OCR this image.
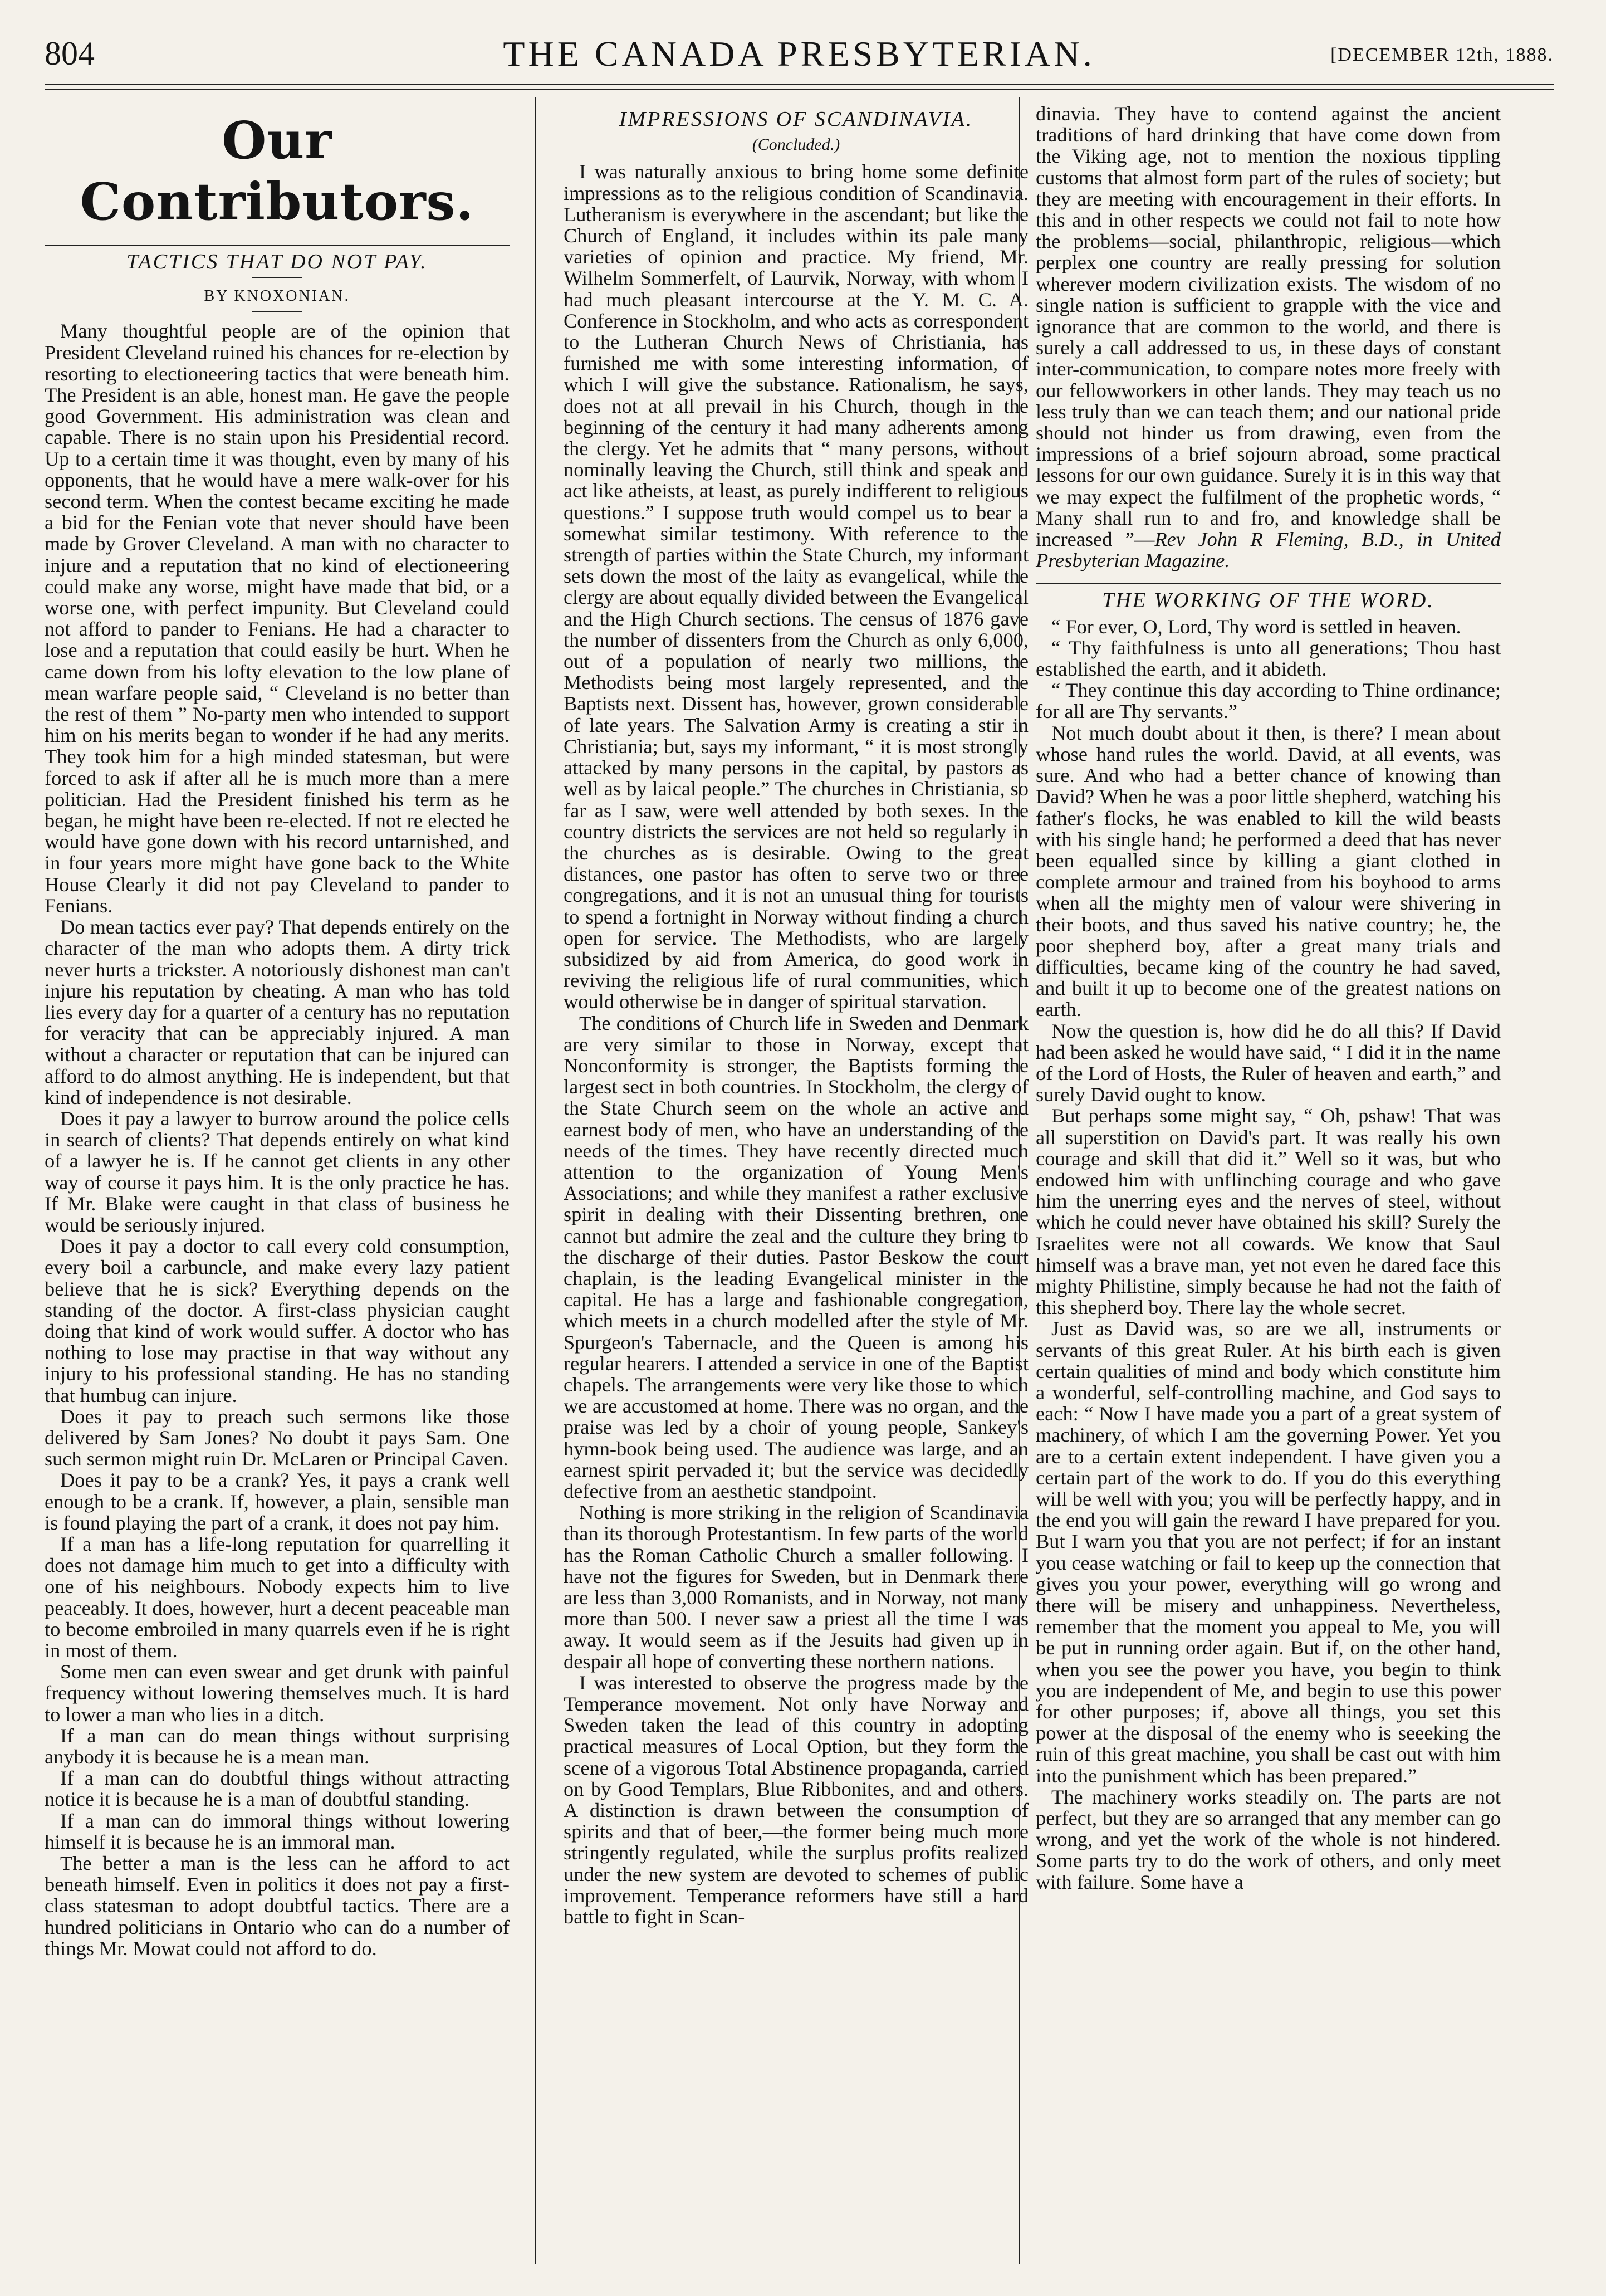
804	THE CANADA PRESBYTERIAN.	[DECEMBER 12th, 1888.
Our Contributors.
TACTICS THAT DO NOT PAY.
BY KNOXONIAN.

Many thoughtful people are of the opinion that President Cleveland ruined his chances for re-election by resorting to electioneering tactics that were beneath him. The President is an able, honest man. He gave the people good Government. His administration was clean and capable. There is no stain upon his Presidential record. Up to a certain time it was thought, even by many of his opponents, that he would have a mere walk-over for his second term. When the contest became exciting he made a bid for the Fenian vote that never should have been made by Grover Cleveland. A man with no character to injure and a reputation that no kind of electioneering could make any worse, might have made that bid, or a worse one, with perfect impunity. But Cleveland could not afford to pander to Fenians. He had a character to lose and a reputation that could easily be hurt. When he came down from his lofty elevation to the low plane of mean warfare people said, “ Cleveland is no better than the rest of them ” No-party men who intended to support him on his merits began to wonder if he had any merits. They took him for a high minded statesman, but were forced to ask if after all he is much more than a mere politician. Had the President finished his term as he began, he might have been re-elected. If not re elected he would have gone down with his record untarnished, and in four years more might have gone back to the White House Clearly it did not pay Cleveland to pander to Fenians.

Do mean tactics ever pay? That depends entirely on the character of the man who adopts them. A dirty trick never hurts a trickster. A notoriously dishonest man can't injure his reputation by cheating. A man who has told lies every day for a quarter of a century has no reputation for veracity that can be appreciably injured. A man without a character or reputation that can be injured can afford to do almost anything. He is independent, but that kind of independence is not desirable.

Does it pay a lawyer to burrow around the police cells in search of clients? That depends entirely on what kind of a lawyer he is. If he cannot get clients in any other way of course it pays him. It is the only practice he has. If Mr. Blake were caught in that class of business he would be seriously injured.

Does it pay a doctor to call every cold consumption, every boil a carbuncle, and make every lazy patient believe that he is sick? Everything depends on the standing of the doctor. A first-class physician caught doing that kind of work would suffer. A doctor who has nothing to lose may practise in that way without any injury to his professional standing. He has no standing that humbug can injure.

Does it pay to preach such sermons like those delivered by Sam Jones? No doubt it pays Sam. One such sermon might ruin Dr. McLaren or Principal Caven.

Does it pay to be a crank? Yes, it pays a crank well enough to be a crank. If, however, a plain, sensible man is found playing the part of a crank, it does not pay him.

If a man has a life-long reputation for quarrelling it does not damage him much to get into a difficulty with one of his neighbours. Nobody expects him to live peaceably. It does, however, hurt a decent peaceable man to become embroiled in many quarrels even if he is right in most of them.

Some men can even swear and get drunk with painful frequency without lowering themselves much. It is hard to lower a man who lies in a ditch.

If a man can do mean things without surprising anybody it is because he is a mean man.

If a man can do doubtful things without attracting notice it is because he is a man of doubtful standing.

If a man can do immoral things without lowering himself it is because he is an immoral man.

The better a man is the less can he afford to act beneath himself. Even in politics it does not pay a first-class statesman to adopt doubtful tactics. There are a hundred politicians in Ontario who can do a number of things Mr. Mowat could not afford to do.

IMPRESSIONS OF SCANDINAVIA.
(Concluded.)

I was naturally anxious to bring home some definite impressions as to the religious condition of Scandinavia. Lutheranism is everywhere in the ascendant; but like the Church of England, it includes within its pale many varieties of opinion and practice. My friend, Mr. Wilhelm Sommerfelt, of Laurvik, Norway, with whom I had much pleasant intercourse at the Y. M. C. A. Conference in Stockholm, and who acts as correspondent to the Lutheran Church News of Christiania, has furnished me with some interesting information, of which I will give the substance. Rationalism, he says, does not at all prevail in his Church, though in the beginning of the century it had many adherents among the clergy. Yet he admits that “ many persons, without nominally leaving the Church, still think and speak and act like atheists, at least, as purely indifferent to religious questions.” I suppose truth would compel us to bear a somewhat similar testimony. With reference to the strength of parties within the State Church, my informant sets down the most of the laity as evangelical, while the clergy are about equally divided between the Evangelical and the High Church sections. The census of 1876 gave the number of dissenters from the Church as only 6,000, out of a population of nearly two millions, the Methodists being most largely represented, and the Baptists next. Dissent has, however, grown considerable of late years. The Salvation Army is creating a stir in Christiania; but, says my informant, “ it is most strongly attacked by many persons in the capital, by pastors as well as by laical people.” The churches in Christiania, so far as I saw, were well attended by both sexes. In the country districts the services are not held so regularly in the churches as is desirable. Owing to the great distances, one pastor has often to serve two or three congregations, and it is not an unusual thing for tourists to spend a fortnight in Norway without finding a church open for service. The Methodists, who are largely subsidized by aid from America, do good work in reviving the religious life of rural communities, which would otherwise be in danger of spiritual starvation.

The conditions of Church life in Sweden and Denmark are very similar to those in Norway, except that Nonconformity is stronger, the Baptists forming the largest sect in both countries. In Stockholm, the clergy of the State Church seem on the whole an active and earnest body of men, who have an understanding of the needs of the times. They have recently directed much attention to the organization of Young Men's Associations; and while they manifest a rather exclusive spirit in dealing with their Dissenting brethren, one cannot but admire the zeal and the culture they bring to the discharge of their duties. Pastor Beskow the court chaplain, is the leading Evangelical minister in the capital. He has a large and fashionable congregation, which meets in a church modelled after the style of Mr. Spurgeon's Tabernacle, and the Queen is among his regular hearers. I attended a service in one of the Baptist chapels. The arrangements were very like those to which we are accustomed at home. There was no organ, and the praise was led by a choir of young people, Sankey's hymn-book being used. The audience was large, and an earnest spirit pervaded it; but the service was decidedly defective from an aesthetic standpoint.

Nothing is more striking in the religion of Scandinavia than its thorough Protestantism. In few parts of the world has the Roman Catholic Church a smaller following. I have not the figures for Sweden, but in Denmark there are less than 3,000 Romanists, and in Norway, not many more than 500. I never saw a priest all the time I was away. It would seem as if the Jesuits had given up in despair all hope of converting these northern nations.

I was interested to observe the progress made by the Temperance movement. Not only have Norway and Sweden taken the lead of this country in adopting practical measures of Local Option, but they form the scene of a vigorous Total Abstinence propaganda, carried on by Good Templars, Blue Ribbonites, and and others. A distinction is drawn between the consumption of spirits and that of beer,—the former being much more stringently regulated, while the surplus profits realized under the new system are devoted to schemes of public improvement. Temperance reformers have still a hard battle to fight in Scan-

dinavia. They have to contend against the ancient traditions of hard drinking that have come down from the Viking age, not to mention the noxious tippling customs that almost form part of the rules of society; but they are meeting with encouragement in their efforts. In this and in other respects we could not fail to note how the problems—social, philanthropic, religious—which perplex one country are really pressing for solution wherever modern civilization exists. The wisdom of no single nation is sufficient to grapple with the vice and ignorance that are common to the world, and there is surely a call addressed to us, in these days of constant inter-communication, to compare notes more freely with our fellowworkers in other lands. They may teach us no less truly than we can teach them; and our national pride should not hinder us from drawing, even from the impressions of a brief sojourn abroad, some practical lessons for our own guidance. Surely it is in this way that we may expect the fulfilment of the prophetic words, “ Many shall run to and fro, and knowledge shall be increased ”—Rev John R Fleming, B.D., in United Presbyterian Magazine.

THE WORKING OF THE WORD.

“ For ever, O, Lord, Thy word is settled in heaven.

“ Thy faithfulness is unto all generations; Thou hast established the earth, and it abideth.

“ They continue this day according to Thine ordinance; for all are Thy servants.”

Not much doubt about it then, is there? I mean about whose hand rules the world. David, at all events, was sure. And who had a better chance of knowing than David? When he was a poor little shepherd, watching his father's flocks, he was enabled to kill the wild beasts with his single hand; he performed a deed that has never been equalled since by killing a giant clothed in complete armour and trained from his boyhood to arms when all the mighty men of valour were shivering in their boots, and thus saved his native country; he, the poor shepherd boy, after a great many trials and difficulties, became king of the country he had saved, and built it up to become one of the greatest nations on earth.

Now the question is, how did he do all this? If David had been asked he would have said, “ I did it in the name of the Lord of Hosts, the Ruler of heaven and earth,” and surely David ought to know.

But perhaps some might say, “ Oh, pshaw! That was all superstition on David's part. It was really his own courage and skill that did it.” Well so it was, but who endowed him with unflinching courage and who gave him the unerring eyes and the nerves of steel, without which he could never have obtained his skill? Surely the Israelites were not all cowards. We know that Saul himself was a brave man, yet not even he dared face this mighty Philistine, simply because he had not the faith of this shepherd boy. There lay the whole secret.

Just as David was, so are we all, instruments or servants of this great Ruler. At his birth each is given certain qualities of mind and body which constitute him a wonderful, self-controlling machine, and God says to each: “ Now I have made you a part of a great system of machinery, of which I am the governing Power. Yet you are to a certain extent independent. I have given you a certain part of the work to do. If you do this everything will be well with you; you will be perfectly happy, and in the end you will gain the reward I have prepared for you. But I warn you that you are not perfect; if for an instant you cease watching or fail to keep up the connection that gives you your power, everything will go wrong and there will be misery and unhappiness. Nevertheless, remember that the moment you appeal to Me, you will be put in running order again. But if, on the other hand, when you see the power you have, you begin to think you are independent of Me, and begin to use this power for other purposes; if, above all things, you set this power at the disposal of the enemy who is seeeking the ruin of this great machine, you shall be cast out with him into the punishment which has been prepared.”

The machinery works steadily on. The parts are not perfect, but they are so arranged that any member can go wrong, and yet the work of the whole is not hindered. Some parts try to do the work of others, and only meet with failure. Some have a
